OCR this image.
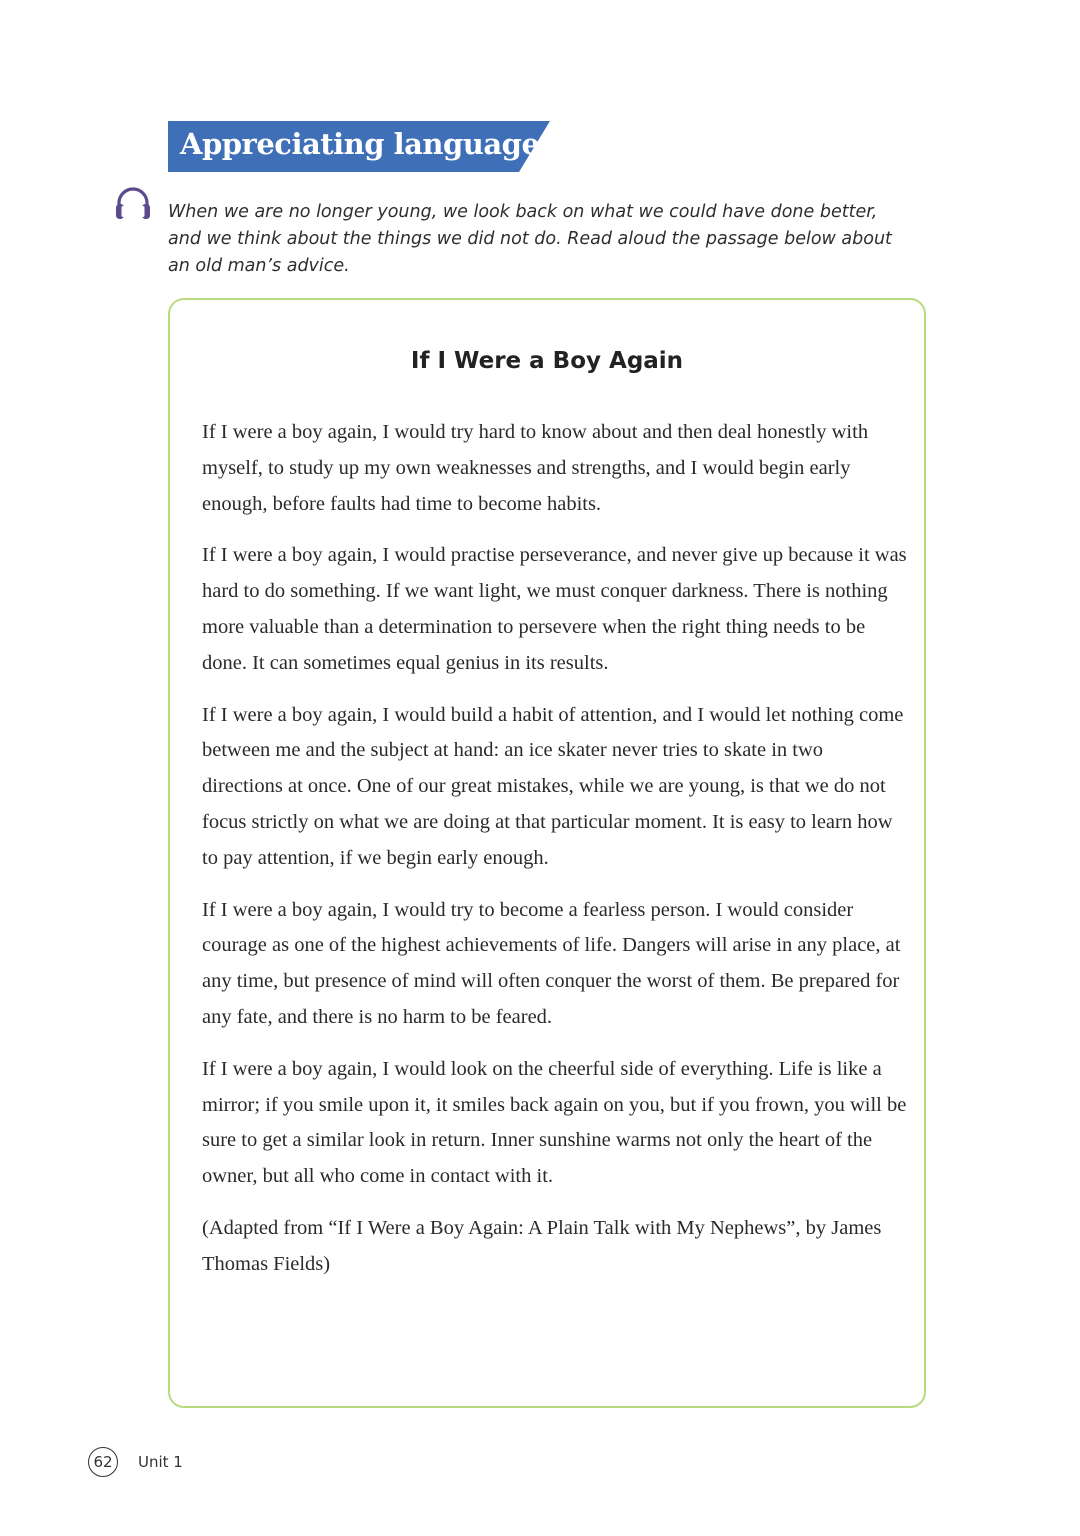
Appreciating language

When we are no longer young, we look back on what we could have done better, and we think about the things we did not do. Read aloud the passage below about an old man’s advice.

If I Were a Boy Again

If I were a boy again, I would try hard to know about and then deal honestly with myself, to study up my own weaknesses and strengths, and I would begin early enough, before faults had time to become habits.

If I were a boy again, I would practise perseverance, and never give up because it was hard to do something. If we want light, we must conquer darkness. There is nothing more valuable than a determination to persevere when the right thing needs to be done. It can sometimes equal genius in its results.

If I were a boy again, I would build a habit of attention, and I would let nothing come between me and the subject at hand: an ice skater never tries to skate in two directions at once. One of our great mistakes, while we are young, is that we do not focus strictly on what we are doing at that particular moment. It is easy to learn how to pay attention, if we begin early enough.

If I were a boy again, I would try to become a fearless person. I would consider courage as one of the highest achievements of life. Dangers will arise in any place, at any time, but presence of mind will often conquer the worst of them. Be prepared for any fate, and there is no harm to be feared.

If I were a boy again, I would look on the cheerful side of everything. Life is like a mirror; if you smile upon it, it smiles back again on you, but if you frown, you will be sure to get a similar look in return. Inner sunshine warms not only the heart of the owner, but all who come in contact with it.

(Adapted from “If I Were a Boy Again: A Plain Talk with My Nephews”, by James Thomas Fields)

62	Unit 1
